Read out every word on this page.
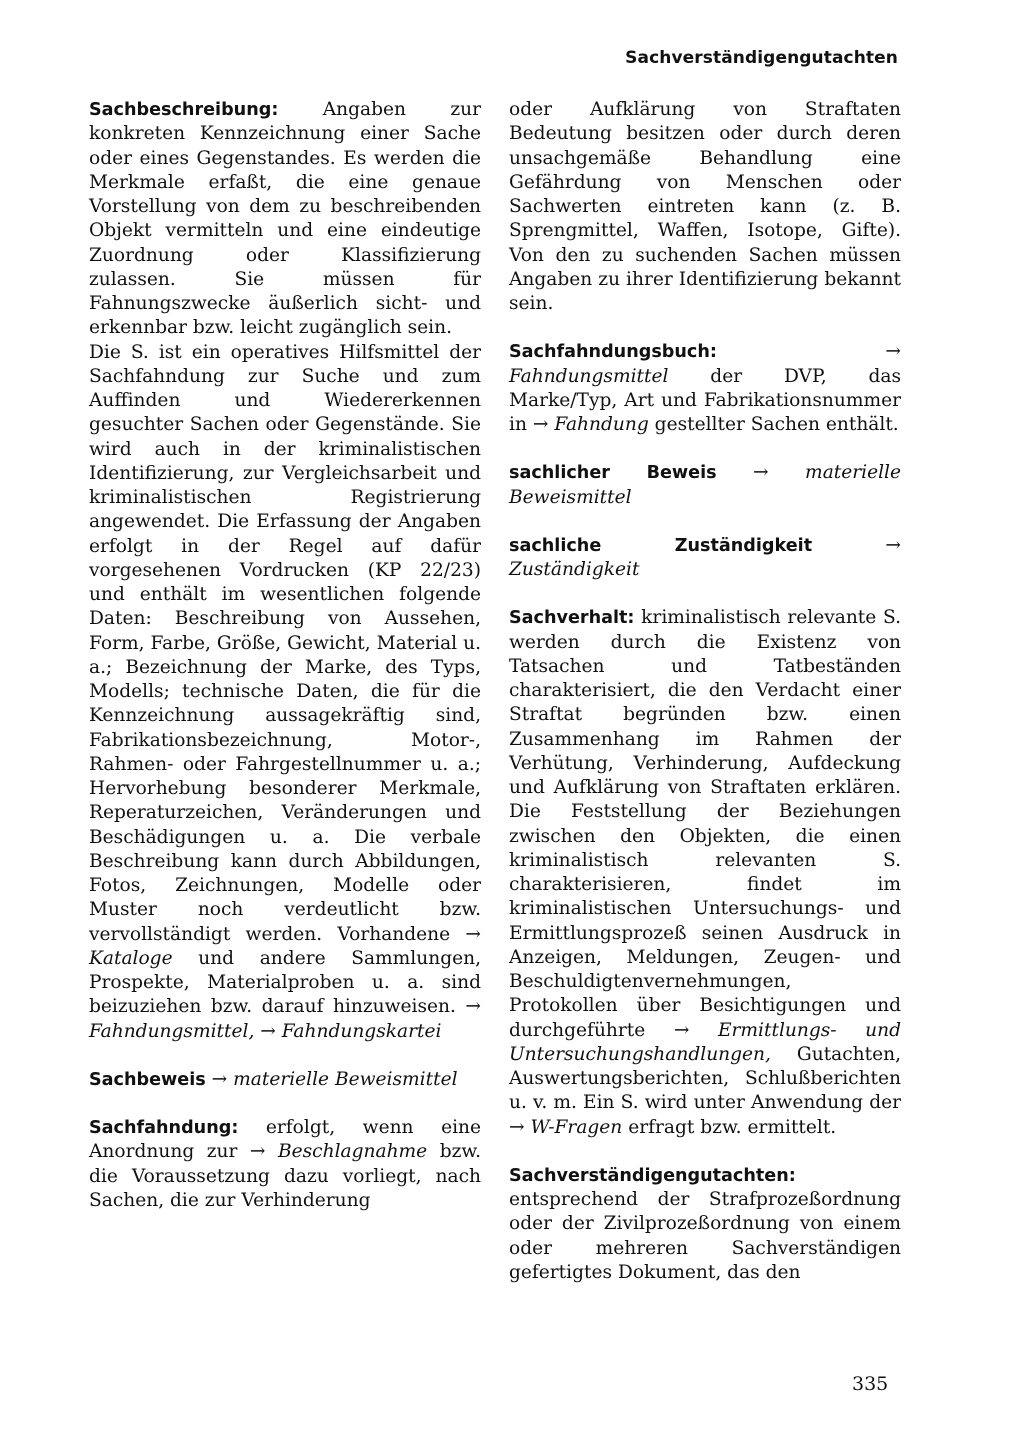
Sachverständigengutachten

Sachbeschreibung: Angaben zur konkreten Kennzeichnung einer Sache oder eines Gegenstandes. Es werden die Merkmale erfaßt, die eine genaue Vorstellung von dem zu beschreibenden Objekt vermitteln und eine eindeutige Zuordnung oder Klassifizierung zulassen. Sie müssen für Fahnungszwecke äußerlich sicht- und erkennbar bzw. leicht zugänglich sein.

Die S. ist ein operatives Hilfsmittel der Sachfahndung zur Suche und zum Auffinden und Wiedererkennen gesuchter Sachen oder Gegenstände. Sie wird auch in der kriminalistischen Identifizierung, zur Vergleichsarbeit und kriminalistischen Registrierung angewendet. Die Erfassung der Angaben erfolgt in der Regel auf dafür vorgesehenen Vordrucken (KP 22/23) und enthält im wesentlichen folgende Daten: Beschreibung von Aussehen, Form, Farbe, Größe, Gewicht, Material u. a.; Bezeichnung der Marke, des Typs, Modells; technische Daten, die für die Kennzeichnung aussagekräftig sind, Fabrikationsbezeichnung, Motor-, Rahmen- oder Fahrgestellnummer u. a.; Hervorhebung besonderer Merkmale, Reperaturzeichen, Veränderungen und Beschädigungen u. a. Die verbale Beschreibung kann durch Abbildungen, Fotos, Zeichnungen, Modelle oder Muster noch verdeutlicht bzw. vervollständigt werden. Vorhandene → Kataloge und andere Sammlungen, Prospekte, Materialproben u. a. sind beizuziehen bzw. darauf hinzuweisen. → Fahndungsmittel, → Fahndungskartei

Sachbeweis → materielle Beweismittel

Sachfahndung: erfolgt, wenn eine Anordnung zur → Beschlagnahme bzw. die Voraussetzung dazu vorliegt, nach Sachen, die zur Verhinderung

oder Aufklärung von Straftaten Bedeutung besitzen oder durch deren unsachgemäße Behandlung eine Gefährdung von Menschen oder Sachwerten eintreten kann (z. B. Sprengmittel, Waffen, Isotope, Gifte). Von den zu suchenden Sachen müssen Angaben zu ihrer Identifizierung bekannt sein.

Sachfahndungsbuch:	→ Fahndungsmittel der DVP, das Marke/Typ, Art und Fabrikationsnummer in → Fahndung gestellter Sachen enthält.

sachlicher Beweis → materielle Beweismittel

sachliche Zuständigkeit	→ Zuständigkeit

Sachverhalt: kriminalistisch relevante S. werden durch die Existenz von Tatsachen und Tatbeständen charakterisiert, die den Verdacht einer Straftat begründen bzw. einen Zusammenhang im Rahmen der Verhütung, Verhinderung, Aufdeckung und Aufklärung von Straftaten erklären. Die Feststellung der Beziehungen zwischen den Objekten, die einen kriminalistisch relevanten S. charakterisieren, findet im kriminalistischen Untersuchungs- und Ermittlungsprozeß seinen Ausdruck in Anzeigen, Meldungen, Zeugen- und Beschuldigtenvernehmungen, Protokollen über Besichtigungen und durchgeführte → Ermittlungs- und Untersuchungshandlungen, Gutachten, Auswertungsberichten, Schlußberichten u. v. m. Ein S. wird unter Anwendung der → W-Fragen erfragt bzw. ermittelt.

Sachverständigengutachten: entsprechend der Strafprozeßordnung oder der Zivilprozeßordnung von einem oder mehreren Sachverständigen gefertigtes Dokument, das den

335
